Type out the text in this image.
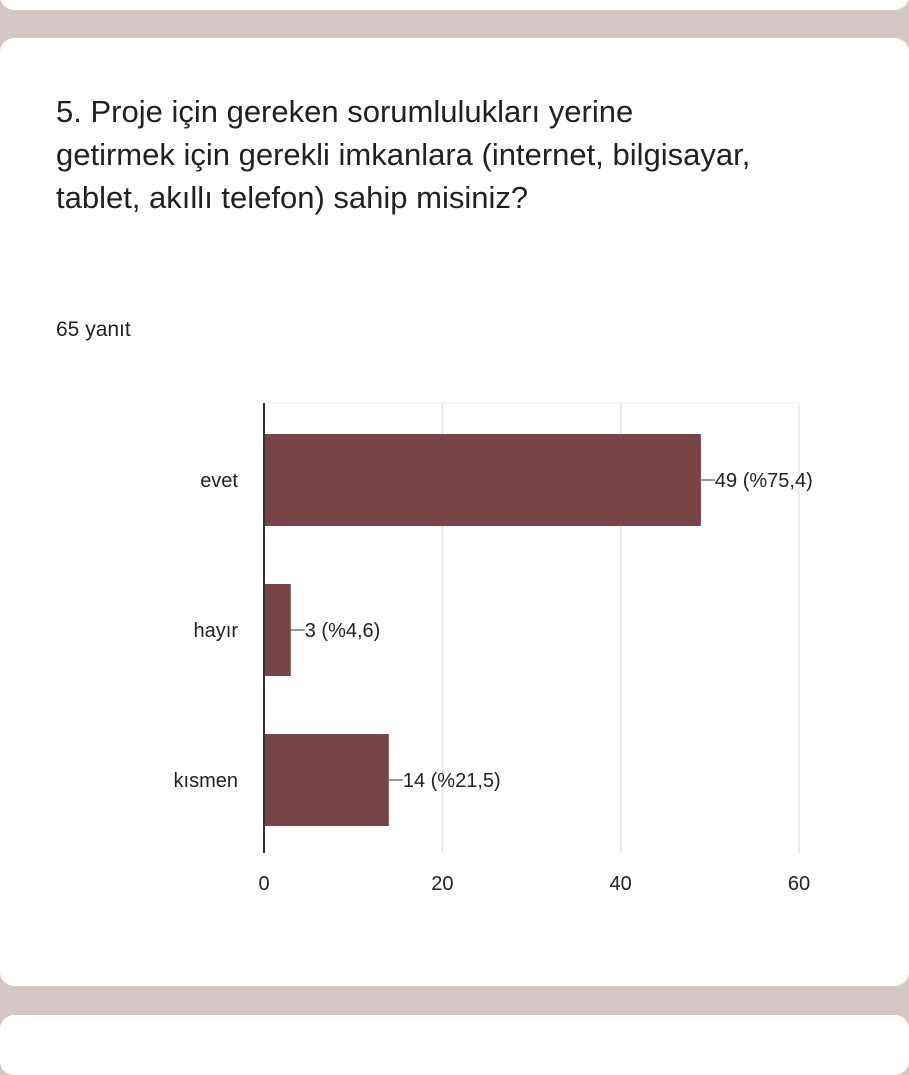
5. Proje için gereken sorumlulukları yerine getirmek için gerekli imkanlara (internet, bilgisayar, tablet, akıllı telefon) sahip misiniz?
65 yanıt
0	20	40	60
evet	49 (%75,4)
hayır	3 (%4,6)
kısmen	14 (%21,5)
